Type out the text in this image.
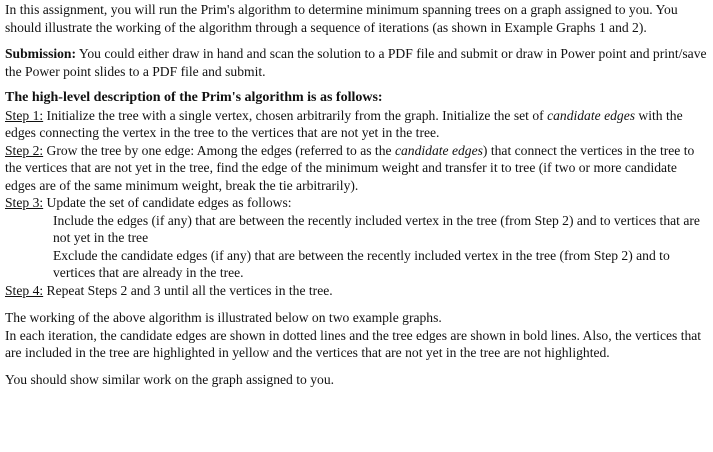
In this assignment, you will run the Prim's algorithm to determine minimum spanning trees on a graph assigned to you. You should illustrate the working of the algorithm through a sequence of iterations (as shown in Example Graphs 1 and 2).

Submission: You could either draw in hand and scan the solution to a PDF file and submit or draw in Power point and print/save the Power point slides to a PDF file and submit.

The high-level description of the Prim's algorithm is as follows:

Step 1: Initialize the tree with a single vertex, chosen arbitrarily from the graph. Initialize the set of candidate edges with the edges connecting the vertex in the tree to the vertices that are not yet in the tree.

Step 2: Grow the tree by one edge: Among the edges (referred to as the candidate edges) that connect the vertices in the tree to the vertices that are not yet in the tree, find the edge of the minimum weight and transfer it to tree (if two or more candidate edges are of the same minimum weight, break the tie arbitrarily).

Step 3: Update the set of candidate edges as follows:

Include the edges (if any) that are between the recently included vertex in the tree (from Step 2) and to vertices that are not yet in the tree

Exclude the candidate edges (if any) that are between the recently included vertex in the tree (from Step 2) and to vertices that are already in the tree.

Step 4: Repeat Steps 2 and 3 until all the vertices in the tree.

The working of the above algorithm is illustrated below on two example graphs.

In each iteration, the candidate edges are shown in dotted lines and the tree edges are shown in bold lines. Also, the vertices that are included in the tree are highlighted in yellow and the vertices that are not yet in the tree are not highlighted.

You should show similar work on the graph assigned to you.
